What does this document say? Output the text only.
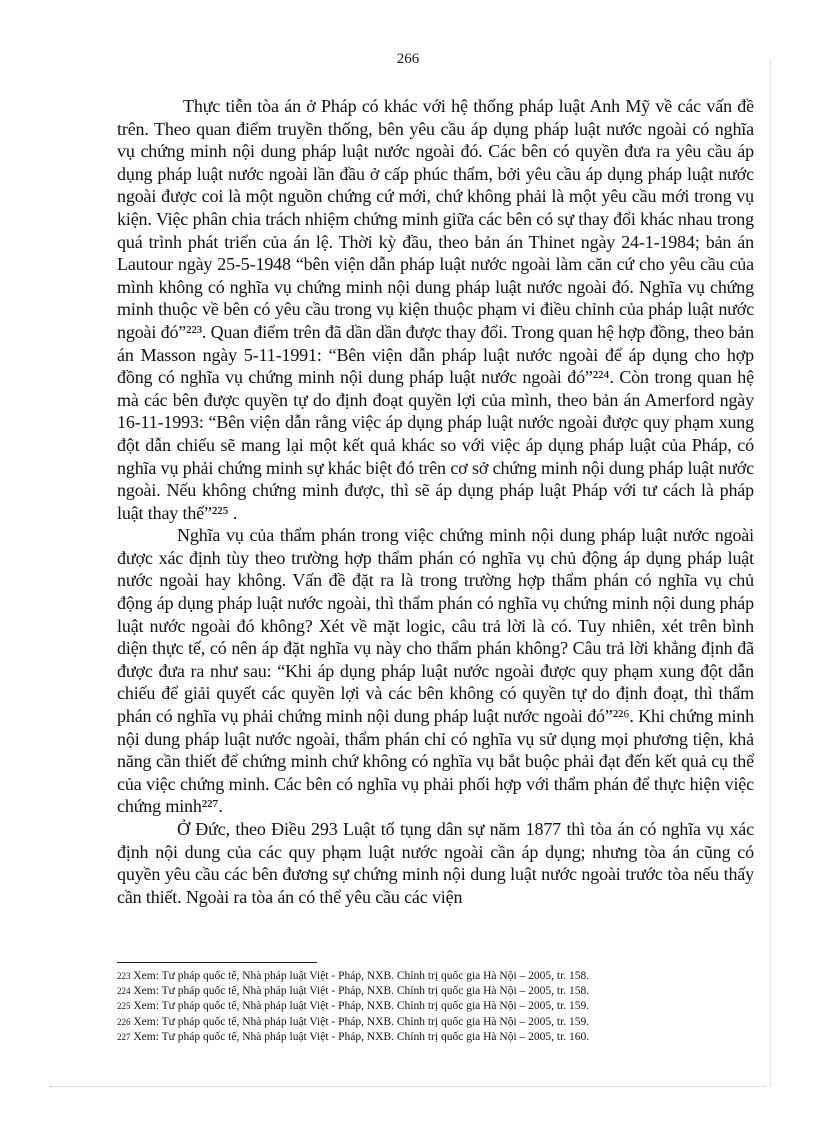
266

Thực tiễn tòa án ở Pháp có khác với hệ thống pháp luật Anh Mỹ về các vấn đề trên. Theo quan điểm truyền thống, bên yêu cầu áp dụng pháp luật nước ngoài có nghĩa vụ chứng minh nội dung pháp luật nước ngoài đó. Các bên có quyền đưa ra yêu cầu áp dụng pháp luật nước ngoài lần đầu ở cấp phúc thẩm, bởi yêu cầu áp dụng pháp luật nước ngoài được coi là một nguồn chứng cứ mới, chứ không phải là một yêu cầu mới trong vụ kiện. Việc phân chia trách nhiệm chứng minh giữa các bên có sự thay đổi khác nhau trong quá trình phát triển của án lệ. Thời kỳ đầu, theo bản án Thinet ngày 24-1-1984; bản án Lautour ngày 25-5-1948 “bên viện dẫn pháp luật nước ngoài làm căn cứ cho yêu cầu của mình không có nghĩa vụ chứng minh nội dung pháp luật nước ngoài đó. Nghĩa vụ chứng minh thuộc về bên có yêu cầu trong vụ kiện thuộc phạm vi điều chỉnh của pháp luật nước ngoài đó”²²³. Quan điểm trên đã dần dần được thay đổi. Trong quan hệ hợp đồng, theo bản án Masson ngày 5-11-1991: “Bên viện dẫn pháp luật nước ngoài để áp dụng cho hợp đồng có nghĩa vụ chứng minh nội dung pháp luật nước ngoài đó”²²⁴. Còn trong quan hệ mà các bên được quyền tự do định đoạt quyền lợi của mình, theo bản án Amerford ngày 16-11-1993: “Bên viện dẫn rằng việc áp dụng pháp luật nước ngoài được quy phạm xung đột dẫn chiếu sẽ mang lại một kết quả khác so với việc áp dụng pháp luật của Pháp, có nghĩa vụ phải chứng minh sự khác biệt đó trên cơ sở chứng minh nội dung pháp luật nước ngoài. Nếu không chứng minh được, thì sẽ áp dụng pháp luật Pháp với tư cách là pháp luật thay thế”²²⁵ .

Nghĩa vụ của thẩm phán trong việc chứng minh nội dung pháp luật nước ngoài được xác định tùy theo trường hợp thẩm phán có nghĩa vụ chủ động áp dụng pháp luật nước ngoài hay không. Vấn đề đặt ra là trong trường hợp thẩm phán có nghĩa vụ chủ động áp dụng pháp luật nước ngoài, thì thẩm phán có nghĩa vụ chứng minh nội dung pháp luật nước ngoài đó không? Xét về mặt logic, câu trả lời là có. Tuy nhiên, xét trên bình diện thực tế, có nên áp đặt nghĩa vụ này cho thẩm phán không? Câu trả lời khẳng định đã được đưa ra như sau: “Khi áp dụng pháp luật nước ngoài được quy phạm xung đột dẫn chiếu để giải quyết các quyền lợi và các bên không có quyền tự do định đoạt, thì thẩm phán có nghĩa vụ phải chứng minh nội dung pháp luật nước ngoài đó”²²⁶. Khi chứng minh nội dung pháp luật nước ngoài, thẩm phán chỉ có nghĩa vụ sử dụng mọi phương tiện, khả năng cần thiết để chứng minh chứ không có nghĩa vụ bắt buộc phải đạt đến kết quả cụ thể của việc chứng minh. Các bên có nghĩa vụ phải phối hợp với thẩm phán để thực hiện việc chứng minh²²⁷.

Ở Đức, theo Điều 293 Luật tố tụng dân sự năm 1877 thì tòa án có nghĩa vụ xác định nội dung của các quy phạm luật nước ngoài cần áp dụng; nhưng tòa án cũng có quyền yêu cầu các bên đương sự chứng minh nội dung luật nước ngoài trước tòa nếu thấy cần thiết. Ngoài ra tòa án có thể yêu cầu các viện

223 Xem: Tư pháp quốc tế, Nhà pháp luật Việt - Pháp, NXB. Chính trị quốc gia Hà Nội – 2005, tr. 158.
224 Xem: Tư pháp quốc tế, Nhà pháp luật Việt - Pháp, NXB. Chính trị quốc gia Hà Nội – 2005, tr. 158.
225 Xem: Tư pháp quốc tế, Nhà pháp luật Việt - Pháp, NXB. Chính trị quốc gia Hà Nội – 2005, tr. 159.
226 Xem: Tư pháp quốc tế, Nhà pháp luật Việt - Pháp, NXB. Chính trị quốc gia Hà Nội – 2005, tr. 159.
227 Xem: Tư pháp quốc tế, Nhà pháp luật Việt - Pháp, NXB. Chính trị quốc gia Hà Nội – 2005, tr. 160.
